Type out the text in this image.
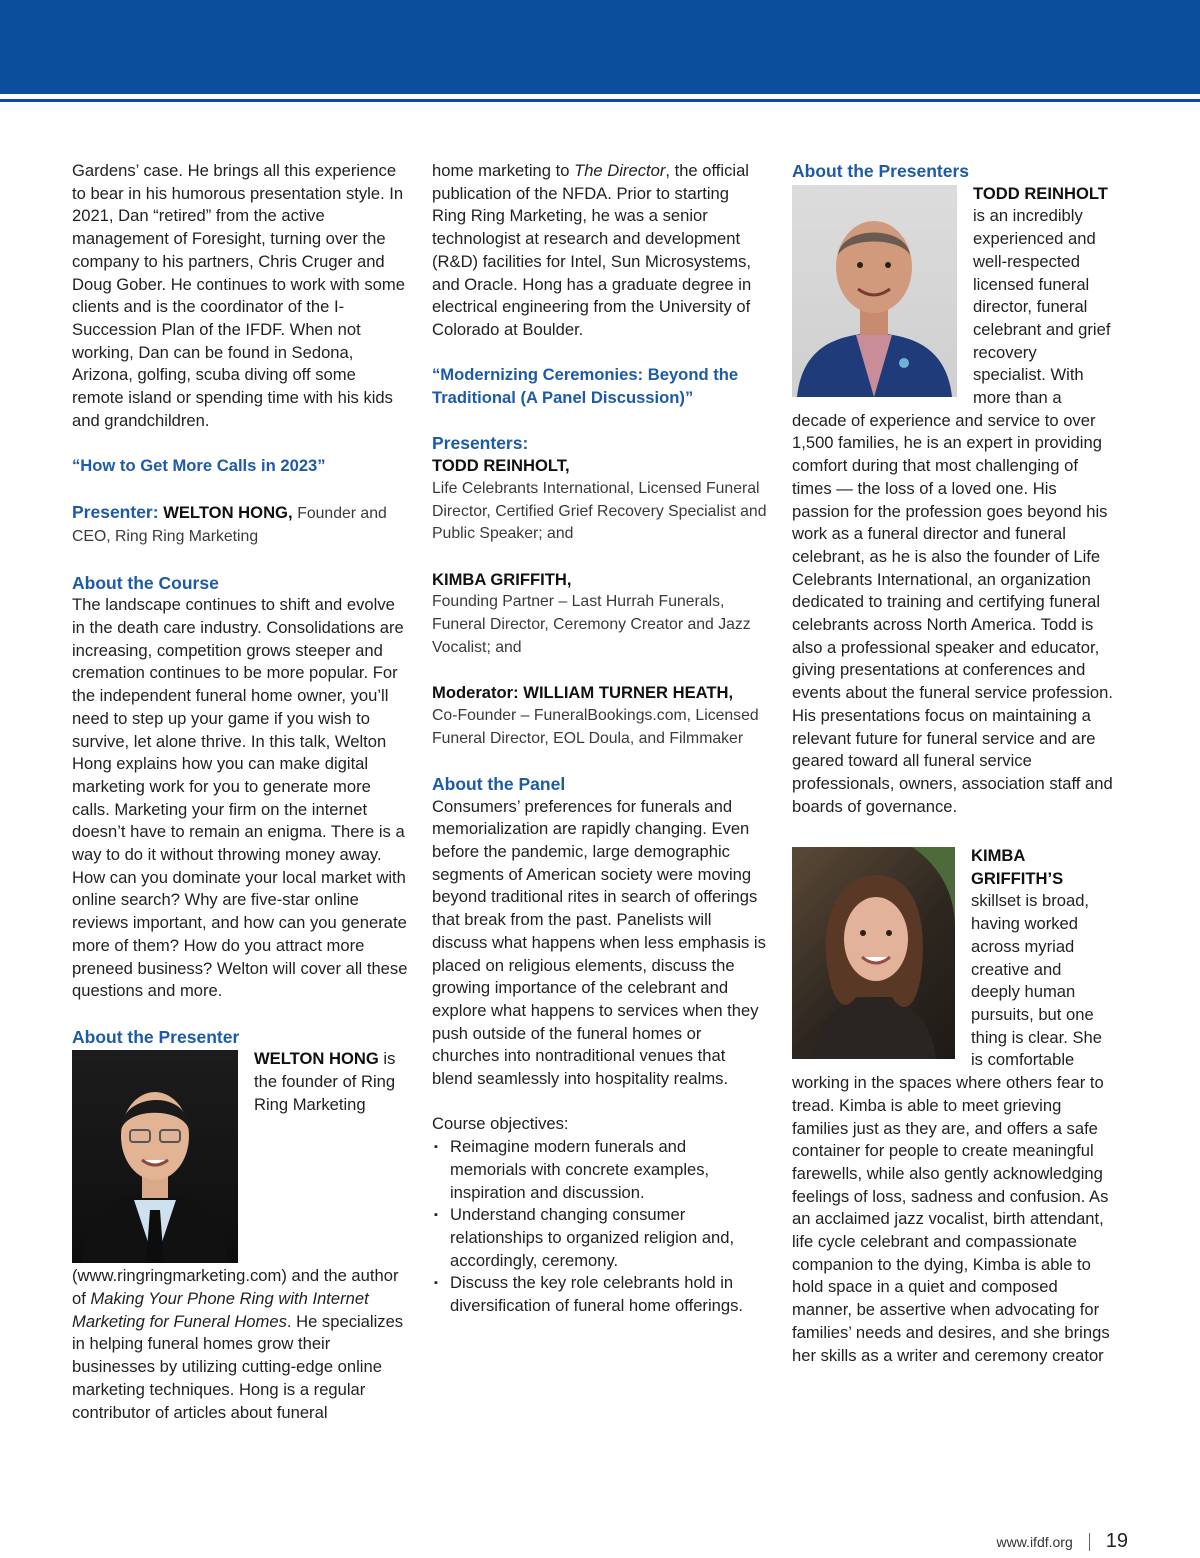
Gardens’ case. He brings all this experience to bear in his humorous presentation style. In 2021, Dan “retired” from the active management of Foresight, turning over the company to his partners, Chris Cruger and Doug Gober. He continues to work with some clients and is the coordinator of the I-Succession Plan of the IFDF. When not working, Dan can be found in Sedona, Arizona, golfing, scuba diving off some remote island or spending time with his kids and grandchildren.

“How to Get More Calls in 2023”

Presenter: WELTON HONG, Founder and CEO, Ring Ring Marketing

About the Course

The landscape continues to shift and evolve in the death care industry. Consolidations are increasing, competition grows steeper and cremation continues to be more popular. For the independent funeral home owner, you’ll need to step up your game if you wish to survive, let alone thrive. In this talk, Welton Hong explains how you can make digital marketing work for you to generate more calls. Marketing your firm on the internet doesn’t have to remain an enigma. There is a way to do it without throwing money away. How can you dominate your local market with online search? Why are five-star online reviews important, and how can you generate more of them? How do you attract more preneed business? Welton will cover all these questions and more.

About the Presenter

WELTON HONG is the founder of Ring Ring Marketing (www.ringringmarketing.com) and the author of Making Your Phone Ring with Internet Marketing for Funeral Homes. He specializes in helping funeral homes grow their businesses by utilizing cutting-edge online marketing techniques. Hong is a regular contributor of articles about funeral

home marketing to The Director, the official publication of the NFDA. Prior to starting Ring Ring Marketing, he was a senior technologist at research and development (R&D) facilities for Intel, Sun Microsystems, and Oracle. Hong has a graduate degree in electrical engineering from the University of Colorado at Boulder.

“Modernizing Ceremonies: Beyond the Traditional (A Panel Discussion)”

Presenters:

TODD REINHOLT,

Life Celebrants International, Licensed Funeral Director, Certified Grief Recovery Specialist and Public Speaker; and

KIMBA GRIFFITH,

Founding Partner – Last Hurrah Funerals, Funeral Director, Ceremony Creator and Jazz Vocalist; and

Moderator: WILLIAM TURNER HEATH,

Co-Founder – FuneralBookings.com, Licensed Funeral Director, EOL Doula, and Filmmaker

About the Panel

Consumers’ preferences for funerals and memorialization are rapidly changing. Even before the pandemic, large demographic segments of American society were moving beyond traditional rites in search of offerings that break from the past. Panelists will discuss what happens when less emphasis is placed on religious elements, discuss the growing importance of the celebrant and explore what happens to services when they push outside of the funeral homes or churches into nontraditional venues that blend seamlessly into hospitality realms.

Course objectives:

▪ Reimagine modern funerals and memorials with concrete examples, inspiration and discussion.
▪ Understand changing consumer relationships to organized religion and, accordingly, ceremony.
▪ Discuss the key role celebrants hold in diversification of funeral home offerings.

About the Presenters

TODD REINHOLT is an incredibly experienced and well-respected licensed funeral director, funeral celebrant and grief recovery specialist. With more than a decade of experience and service to over 1,500 families, he is an expert in providing comfort during that most challenging of times — the loss of a loved one. His passion for the profession goes beyond his work as a funeral director and funeral celebrant, as he is also the founder of Life Celebrants International, an organization dedicated to training and certifying funeral celebrants across North America. Todd is also a professional speaker and educator, giving presentations at conferences and events about the funeral service profession. His presentations focus on maintaining a relevant future for funeral service and are geared toward all funeral service professionals, owners, association staff and boards of governance.
KIMBA GRIFFITH’S skillset is broad, having worked across myriad creative and deeply human pursuits, but one thing is clear. She is comfortable working in the spaces where others fear to tread. Kimba is able to meet grieving families just as they are, and offers a safe container for people to create meaningful farewells, while also gently acknowledging feelings of loss, sadness and confusion. As an acclaimed jazz vocalist, birth attendant, life cycle celebrant and compassionate companion to the dying, Kimba is able to hold space in a quiet and composed manner, be assertive when advocating for families’ needs and desires, and she brings her skills as a writer and ceremony creator
www.ifdf.org 19
